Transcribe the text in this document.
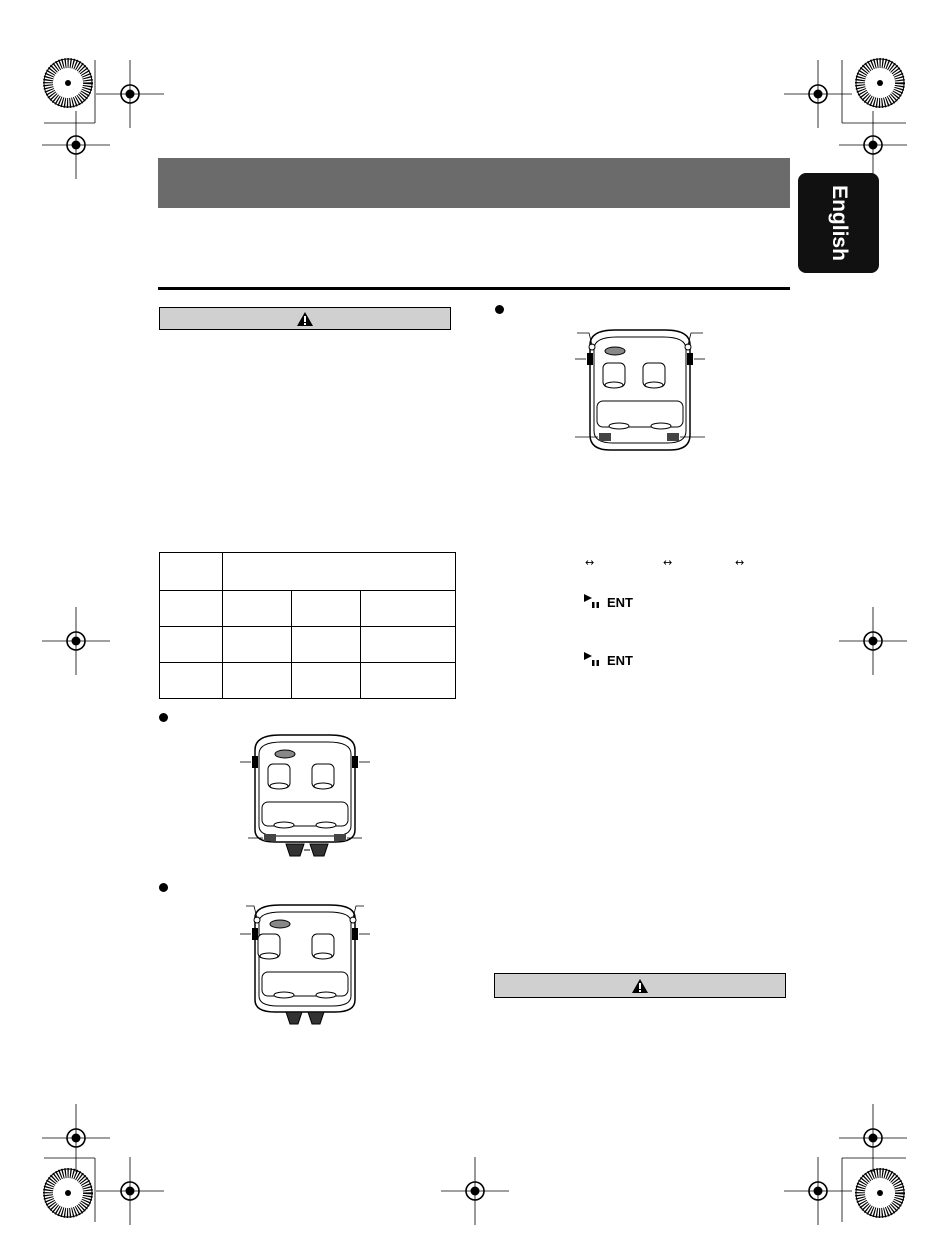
English

↔	↔	↔
ENT
ENT
